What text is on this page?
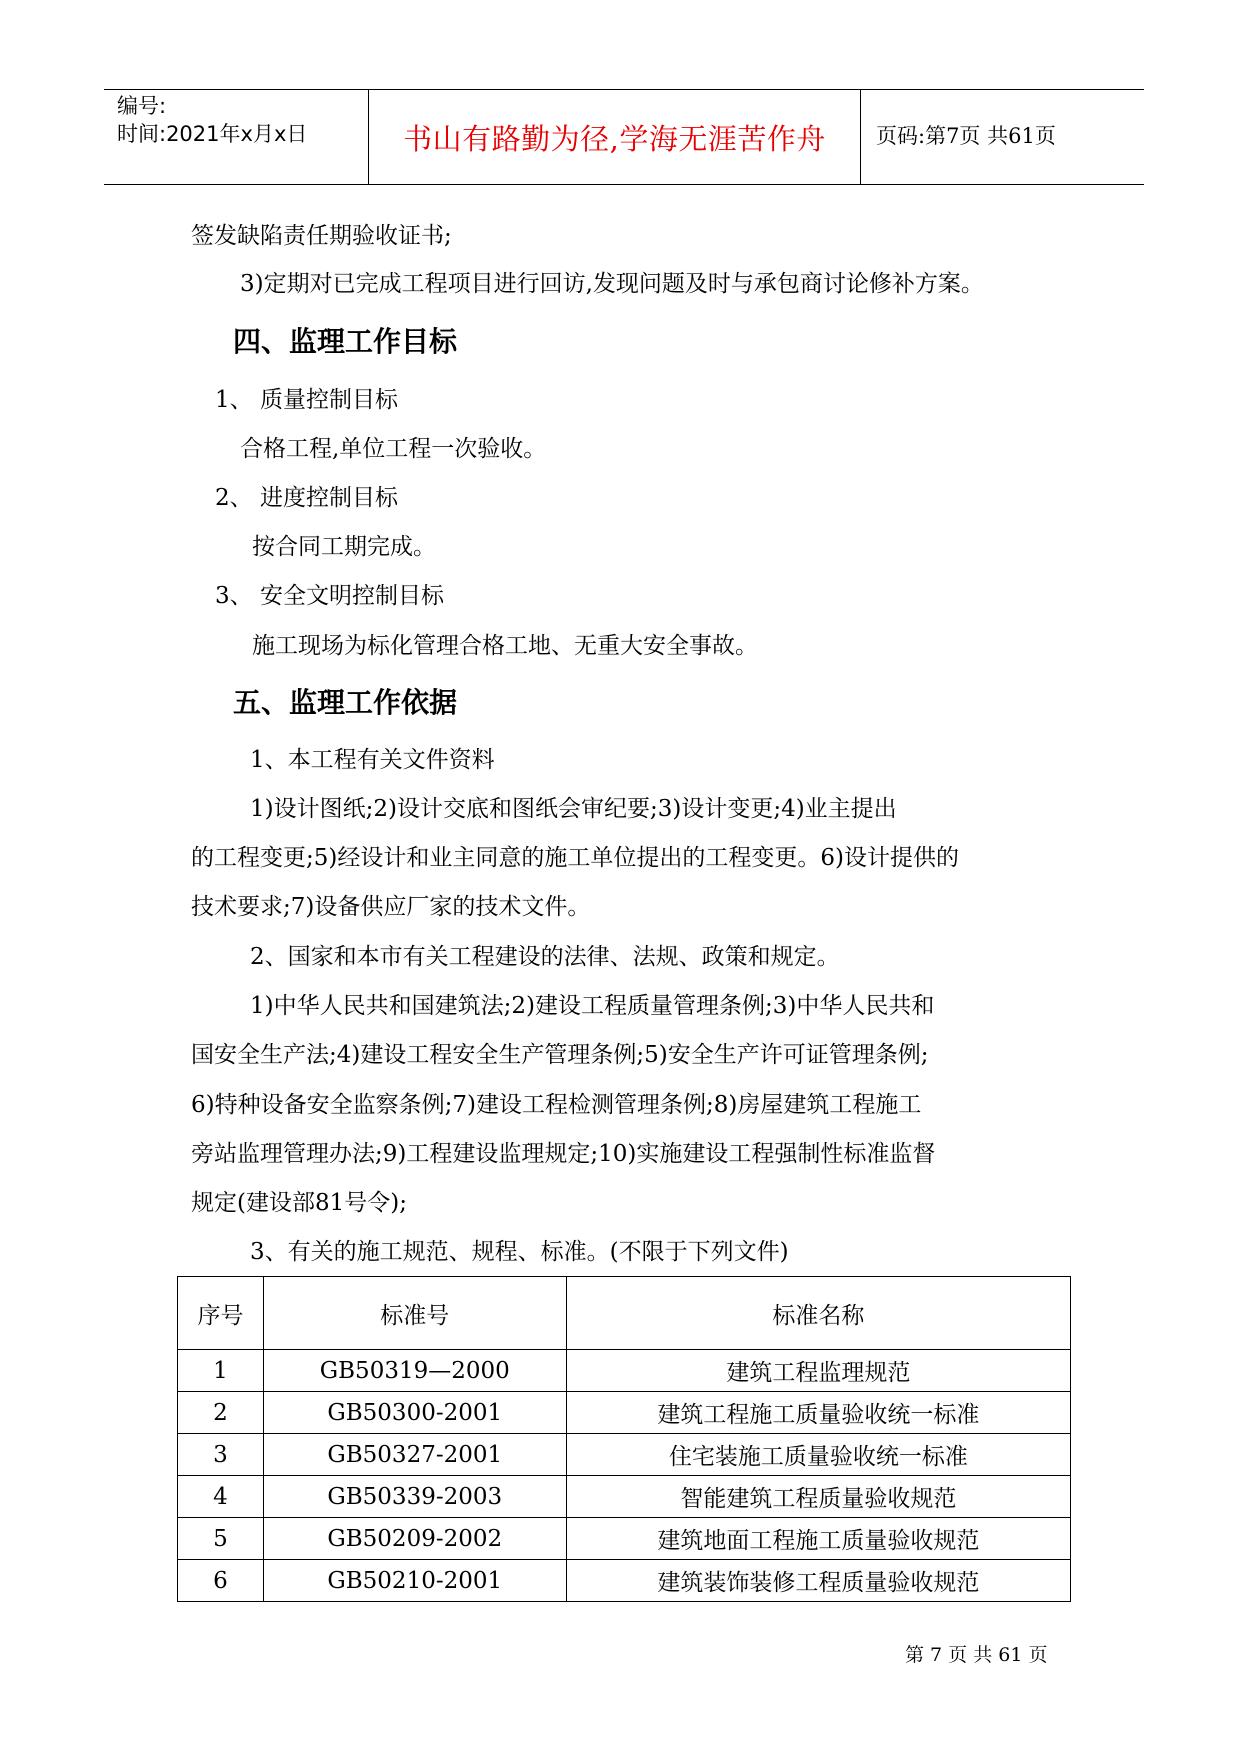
编号:
时间:2021年x月x日	书山有路勤为径,学海无涯苦作舟	页码:第7页 共61页
签发缺陷责任期验收证书;
3)定期对已完成工程项目进行回访,发现问题及时与承包商讨论修补方案。
四、监理工作目标
1、 质量控制目标
合格工程,单位工程一次验收。
2、 进度控制目标
按合同工期完成。
3、 安全文明控制目标
施工现场为标化管理合格工地、无重大安全事故。
五、监理工作依据
1、本工程有关文件资料
1)设计图纸;2)设计交底和图纸会审纪要;3)设计变更;4)业主提出
的工程变更;5)经设计和业主同意的施工单位提出的工程变更。6)设计提供的
技术要求;7)设备供应厂家的技术文件。
2、国家和本市有关工程建设的法律、法规、政策和规定。
1)中华人民共和国建筑法;2)建设工程质量管理条例;3)中华人民共和
国安全生产法;4)建设工程安全生产管理条例;5)安全生产许可证管理条例;
6)特种设备安全监察条例;7)建设工程检测管理条例;8)房屋建筑工程施工
旁站监理管理办法;9)工程建设监理规定;10)实施建设工程强制性标准监督
规定(建设部81号令);
3、有关的施工规范、规程、标准。(不限于下列文件)
序号	标准号	标准名称
1	GB50319—2000	建筑工程监理规范
2	GB50300-2001	建筑工程施工质量验收统一标准
3	GB50327-2001	住宅装施工质量验收统一标准
4	GB50339-2003	智能建筑工程质量验收规范
5	GB50209-2002	建筑地面工程施工质量验收规范
6	GB50210-2001	建筑装饰装修工程质量验收规范
第 7 页 共 61 页
